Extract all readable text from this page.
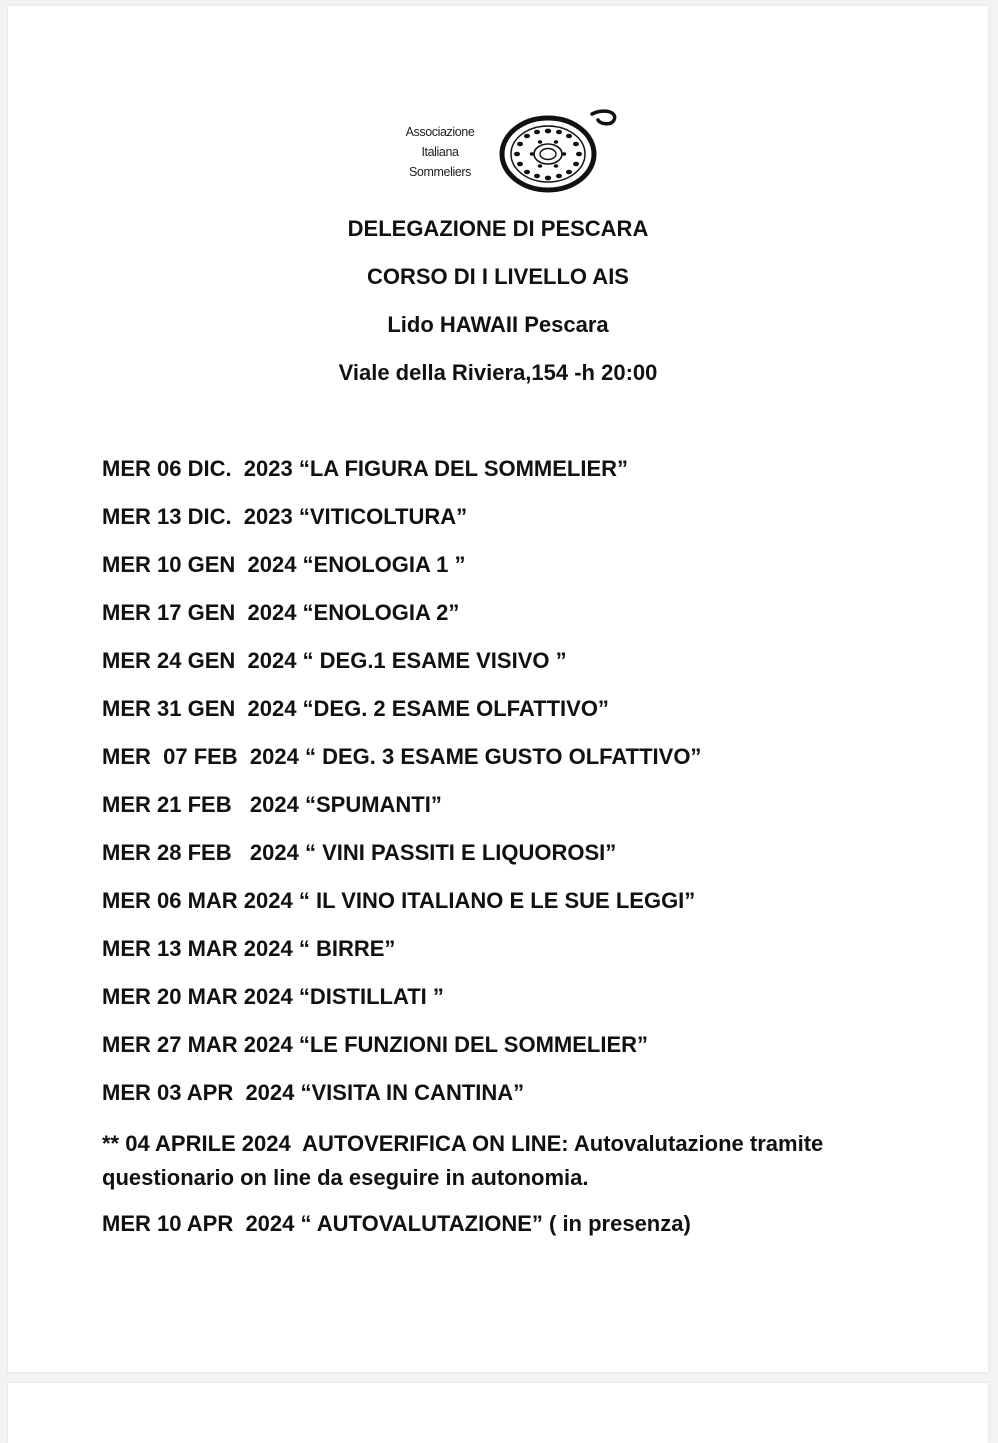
Associazione
Italiana
Sommeliers
DELEGAZIONE DI PESCARA
CORSO DI I LIVELLO AIS
Lido HAWAII Pescara
Viale della Riviera,154 -h 20:00
MER 06 DIC.  2023 “LA FIGURA DEL SOMMELIER”
MER 13 DIC.  2023 “VITICOLTURA”
MER 10 GEN  2024 “ENOLOGIA 1 ”
MER 17 GEN  2024 “ENOLOGIA 2”
MER 24 GEN  2024 “ DEG.1 ESAME VISIVO ”
MER 31 GEN  2024 “DEG. 2 ESAME OLFATTIVO”
MER  07 FEB  2024 “ DEG. 3 ESAME GUSTO OLFATTIVO”
MER 21 FEB   2024 “SPUMANTI”
MER 28 FEB   2024 “ VINI PASSITI E LIQUOROSI”
MER 06 MAR 2024 “ IL VINO ITALIANO E LE SUE LEGGI”
MER 13 MAR 2024 “ BIRRE”
MER 20 MAR 2024 “DISTILLATI ”
MER 27 MAR 2024 “LE FUNZIONI DEL SOMMELIER”
MER 03 APR  2024 “VISITA IN CANTINA”
** 04 APRILE 2024  AUTOVERIFICA ON LINE: Autovalutazione tramite
questionario on line da eseguire in autonomia.
MER 10 APR  2024 “ AUTOVALUTAZIONE” ( in presenza)
